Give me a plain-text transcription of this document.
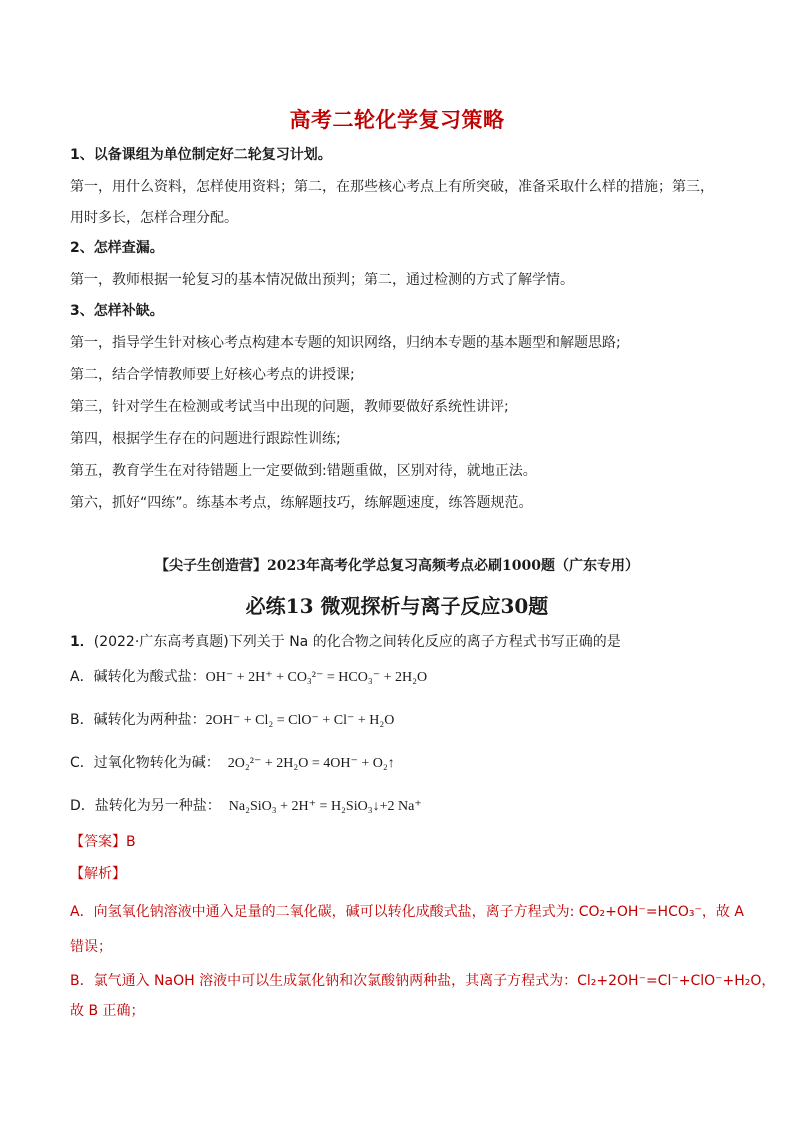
高考二轮化学复习策略
1、以备课组为单位制定好二轮复习计划。
第一，用什么资料，怎样使用资料；第二，在那些核心考点上有所突破，准备采取什么样的措施；第三，
用时多长，怎样合理分配。
2、怎样查漏。
第一，教师根据一轮复习的基本情况做出预判；第二，通过检测的方式了解学情。
3、怎样补缺。
第一，指导学生针对核心考点构建本专题的知识网络，归纳本专题的基本题型和解题思路;
第二，结合学情教师要上好核心考点的讲授课;
第三，针对学生在检测或考试当中出现的问题，教师要做好系统性讲评;
第四，根据学生存在的问题进行跟踪性训练;
第五，教育学生在对待错题上一定要做到:错题重做，区别对待，就地正法。
第六，抓好“四练”。练基本考点，练解题技巧，练解题速度，练答题规范。
【尖子生创造营】2023年高考化学总复习高频考点必刷1000题（广东专用）
必练13 微观探析与离子反应30题
1．(2022·广东高考真题)下列关于 Na 的化合物之间转化反应的离子方程式书写正确的是
A．碱转化为酸式盐：OH⁻ + 2H⁺ + CO₃²⁻ = HCO₃⁻ + 2H₂O
B．碱转化为两种盐：2OH⁻ + Cl₂ = ClO⁻ + Cl⁻ + H₂O
C．过氧化物转化为碱： 2O₂²⁻ + 2H₂O = 4OH⁻ + O₂↑
D．盐转化为另一种盐： Na₂SiO₃ + 2H⁺ = H₂SiO₃↓+2 Na⁺
【答案】B
【解析】
A．向氢氧化钠溶液中通入足量的二氧化碳，碱可以转化成酸式盐，离子方程式为: CO₂+OH⁻=HCO₃⁻，故 A
错误；
B．氯气通入 NaOH 溶液中可以生成氯化钠和次氯酸钠两种盐，其离子方程式为：Cl₂+2OH⁻=Cl⁻+ClO⁻+H₂O，
故 B 正确；
